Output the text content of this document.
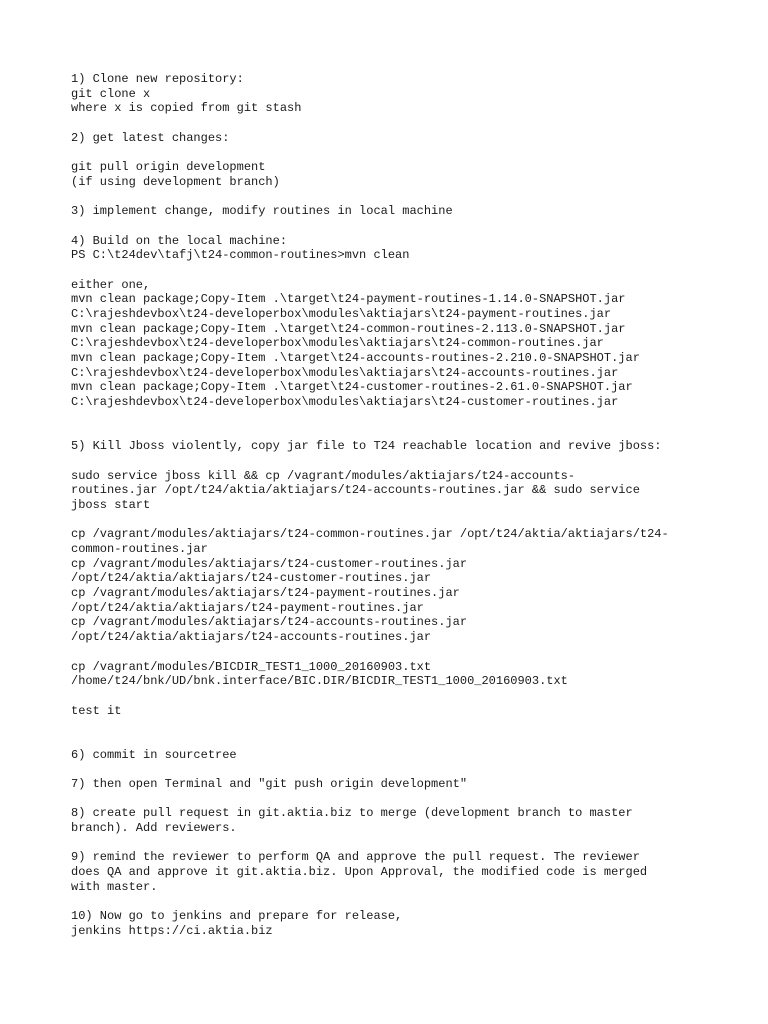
1) Clone new repository:
git clone x
where x is copied from git stash
2) get latest changes:
git pull origin development
(if using development branch)
3) implement change, modify routines in local machine
4) Build on the local machine:
PS C:\t24dev\tafj\t24-common-routines>mvn clean
either one,
mvn clean package;Copy-Item .\target\t24-payment-routines-1.14.0-SNAPSHOT.jar
C:\rajeshdevbox\t24-developerbox\modules\aktiajars\t24-payment-routines.jar
mvn clean package;Copy-Item .\target\t24-common-routines-2.113.0-SNAPSHOT.jar
C:\rajeshdevbox\t24-developerbox\modules\aktiajars\t24-common-routines.jar
mvn clean package;Copy-Item .\target\t24-accounts-routines-2.210.0-SNAPSHOT.jar
C:\rajeshdevbox\t24-developerbox\modules\aktiajars\t24-accounts-routines.jar
mvn clean package;Copy-Item .\target\t24-customer-routines-2.61.0-SNAPSHOT.jar
C:\rajeshdevbox\t24-developerbox\modules\aktiajars\t24-customer-routines.jar
5) Kill Jboss violently, copy jar file to T24 reachable location and revive jboss:
sudo service jboss kill && cp /vagrant/modules/aktiajars/t24-accounts-
routines.jar /opt/t24/aktia/aktiajars/t24-accounts-routines.jar && sudo service
jboss start
cp /vagrant/modules/aktiajars/t24-common-routines.jar /opt/t24/aktia/aktiajars/t24-
common-routines.jar
cp /vagrant/modules/aktiajars/t24-customer-routines.jar
/opt/t24/aktia/aktiajars/t24-customer-routines.jar
cp /vagrant/modules/aktiajars/t24-payment-routines.jar
/opt/t24/aktia/aktiajars/t24-payment-routines.jar
cp /vagrant/modules/aktiajars/t24-accounts-routines.jar
/opt/t24/aktia/aktiajars/t24-accounts-routines.jar
cp /vagrant/modules/BICDIR_TEST1_1000_20160903.txt
/home/t24/bnk/UD/bnk.interface/BIC.DIR/BICDIR_TEST1_1000_20160903.txt
test it
6) commit in sourcetree
7) then open Terminal and "git push origin development"
8) create pull request in git.aktia.biz to merge (development branch to master
branch). Add reviewers.
9) remind the reviewer to perform QA and approve the pull request. The reviewer
does QA and approve it git.aktia.biz. Upon Approval, the modified code is merged
with master.
10) Now go to jenkins and prepare for release,
jenkins https://ci.aktia.biz
